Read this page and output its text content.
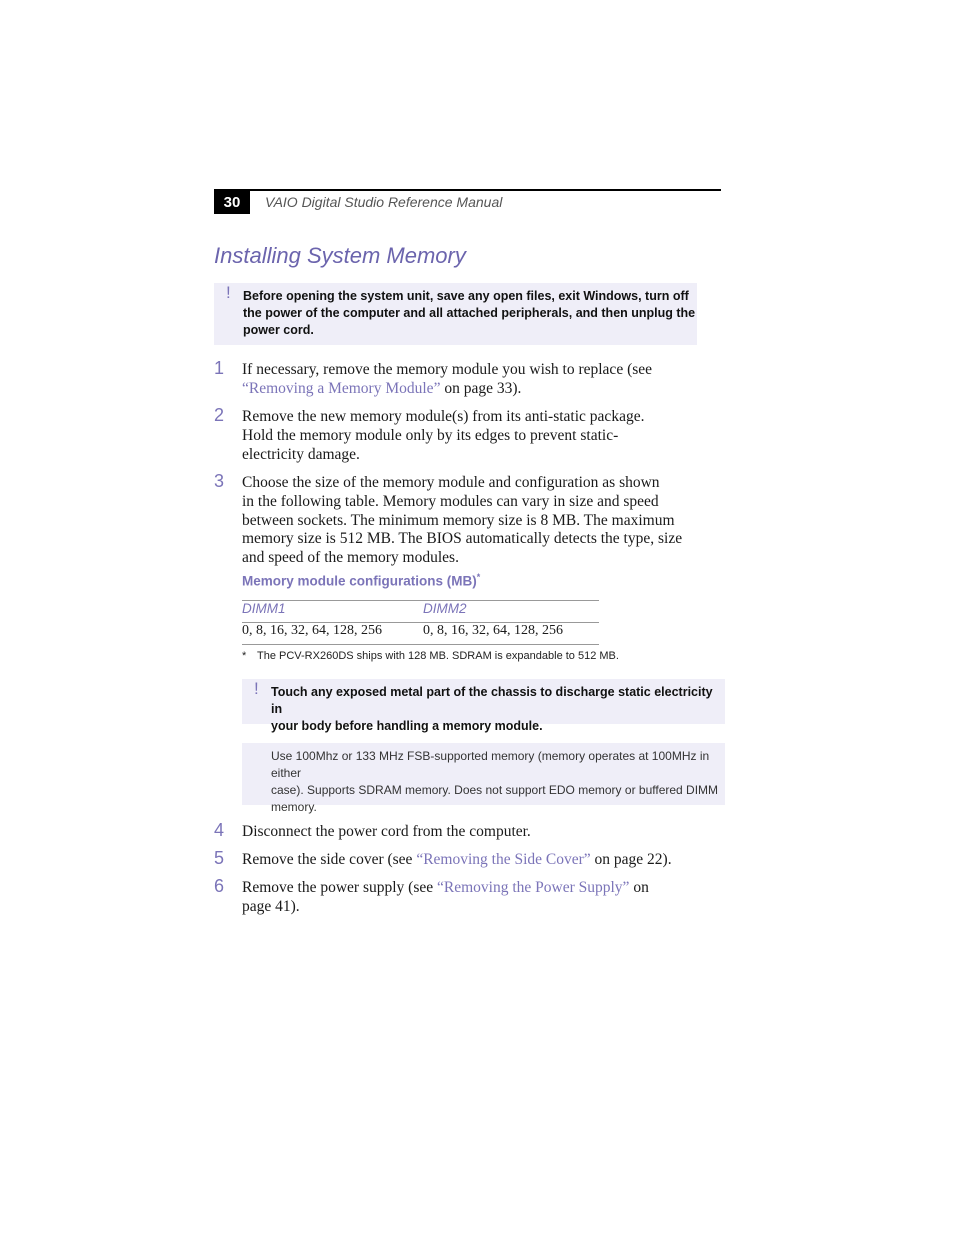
30	VAIO Digital Studio Reference Manual
Installing System Memory
! Before opening the system unit, save any open files, exit Windows, turn off
the power of the computer and all attached peripherals, and then unplug the
power cord.
1 If necessary, remove the memory module you wish to replace (see
“Removing a Memory Module” on page 33).
2 Remove the new memory module(s) from its anti-static package.
Hold the memory module only by its edges to prevent static-
electricity damage.
3 Choose the size of the memory module and configuration as shown
in the following table. Memory modules can vary in size and speed
between sockets. The minimum memory size is 8 MB. The maximum
memory size is 512 MB. The BIOS automatically detects the type, size
and speed of the memory modules.
Memory module configurations (MB)*
DIMM1	DIMM2
0, 8, 16, 32, 64, 128, 256	0, 8, 16, 32, 64, 128, 256
* The PCV-RX260DS ships with 128 MB. SDRAM is expandable to 512 MB.
! Touch any exposed metal part of the chassis to discharge static electricity in
your body before handling a memory module.
Use 100Mhz or 133 MHz FSB-supported memory (memory operates at 100MHz in either
case). Supports SDRAM memory. Does not support EDO memory or buffered DIMM
memory.
4 Disconnect the power cord from the computer.
5 Remove the side cover (see “Removing the Side Cover” on page 22).
6 Remove the power supply (see “Removing the Power Supply” on
page 41).
